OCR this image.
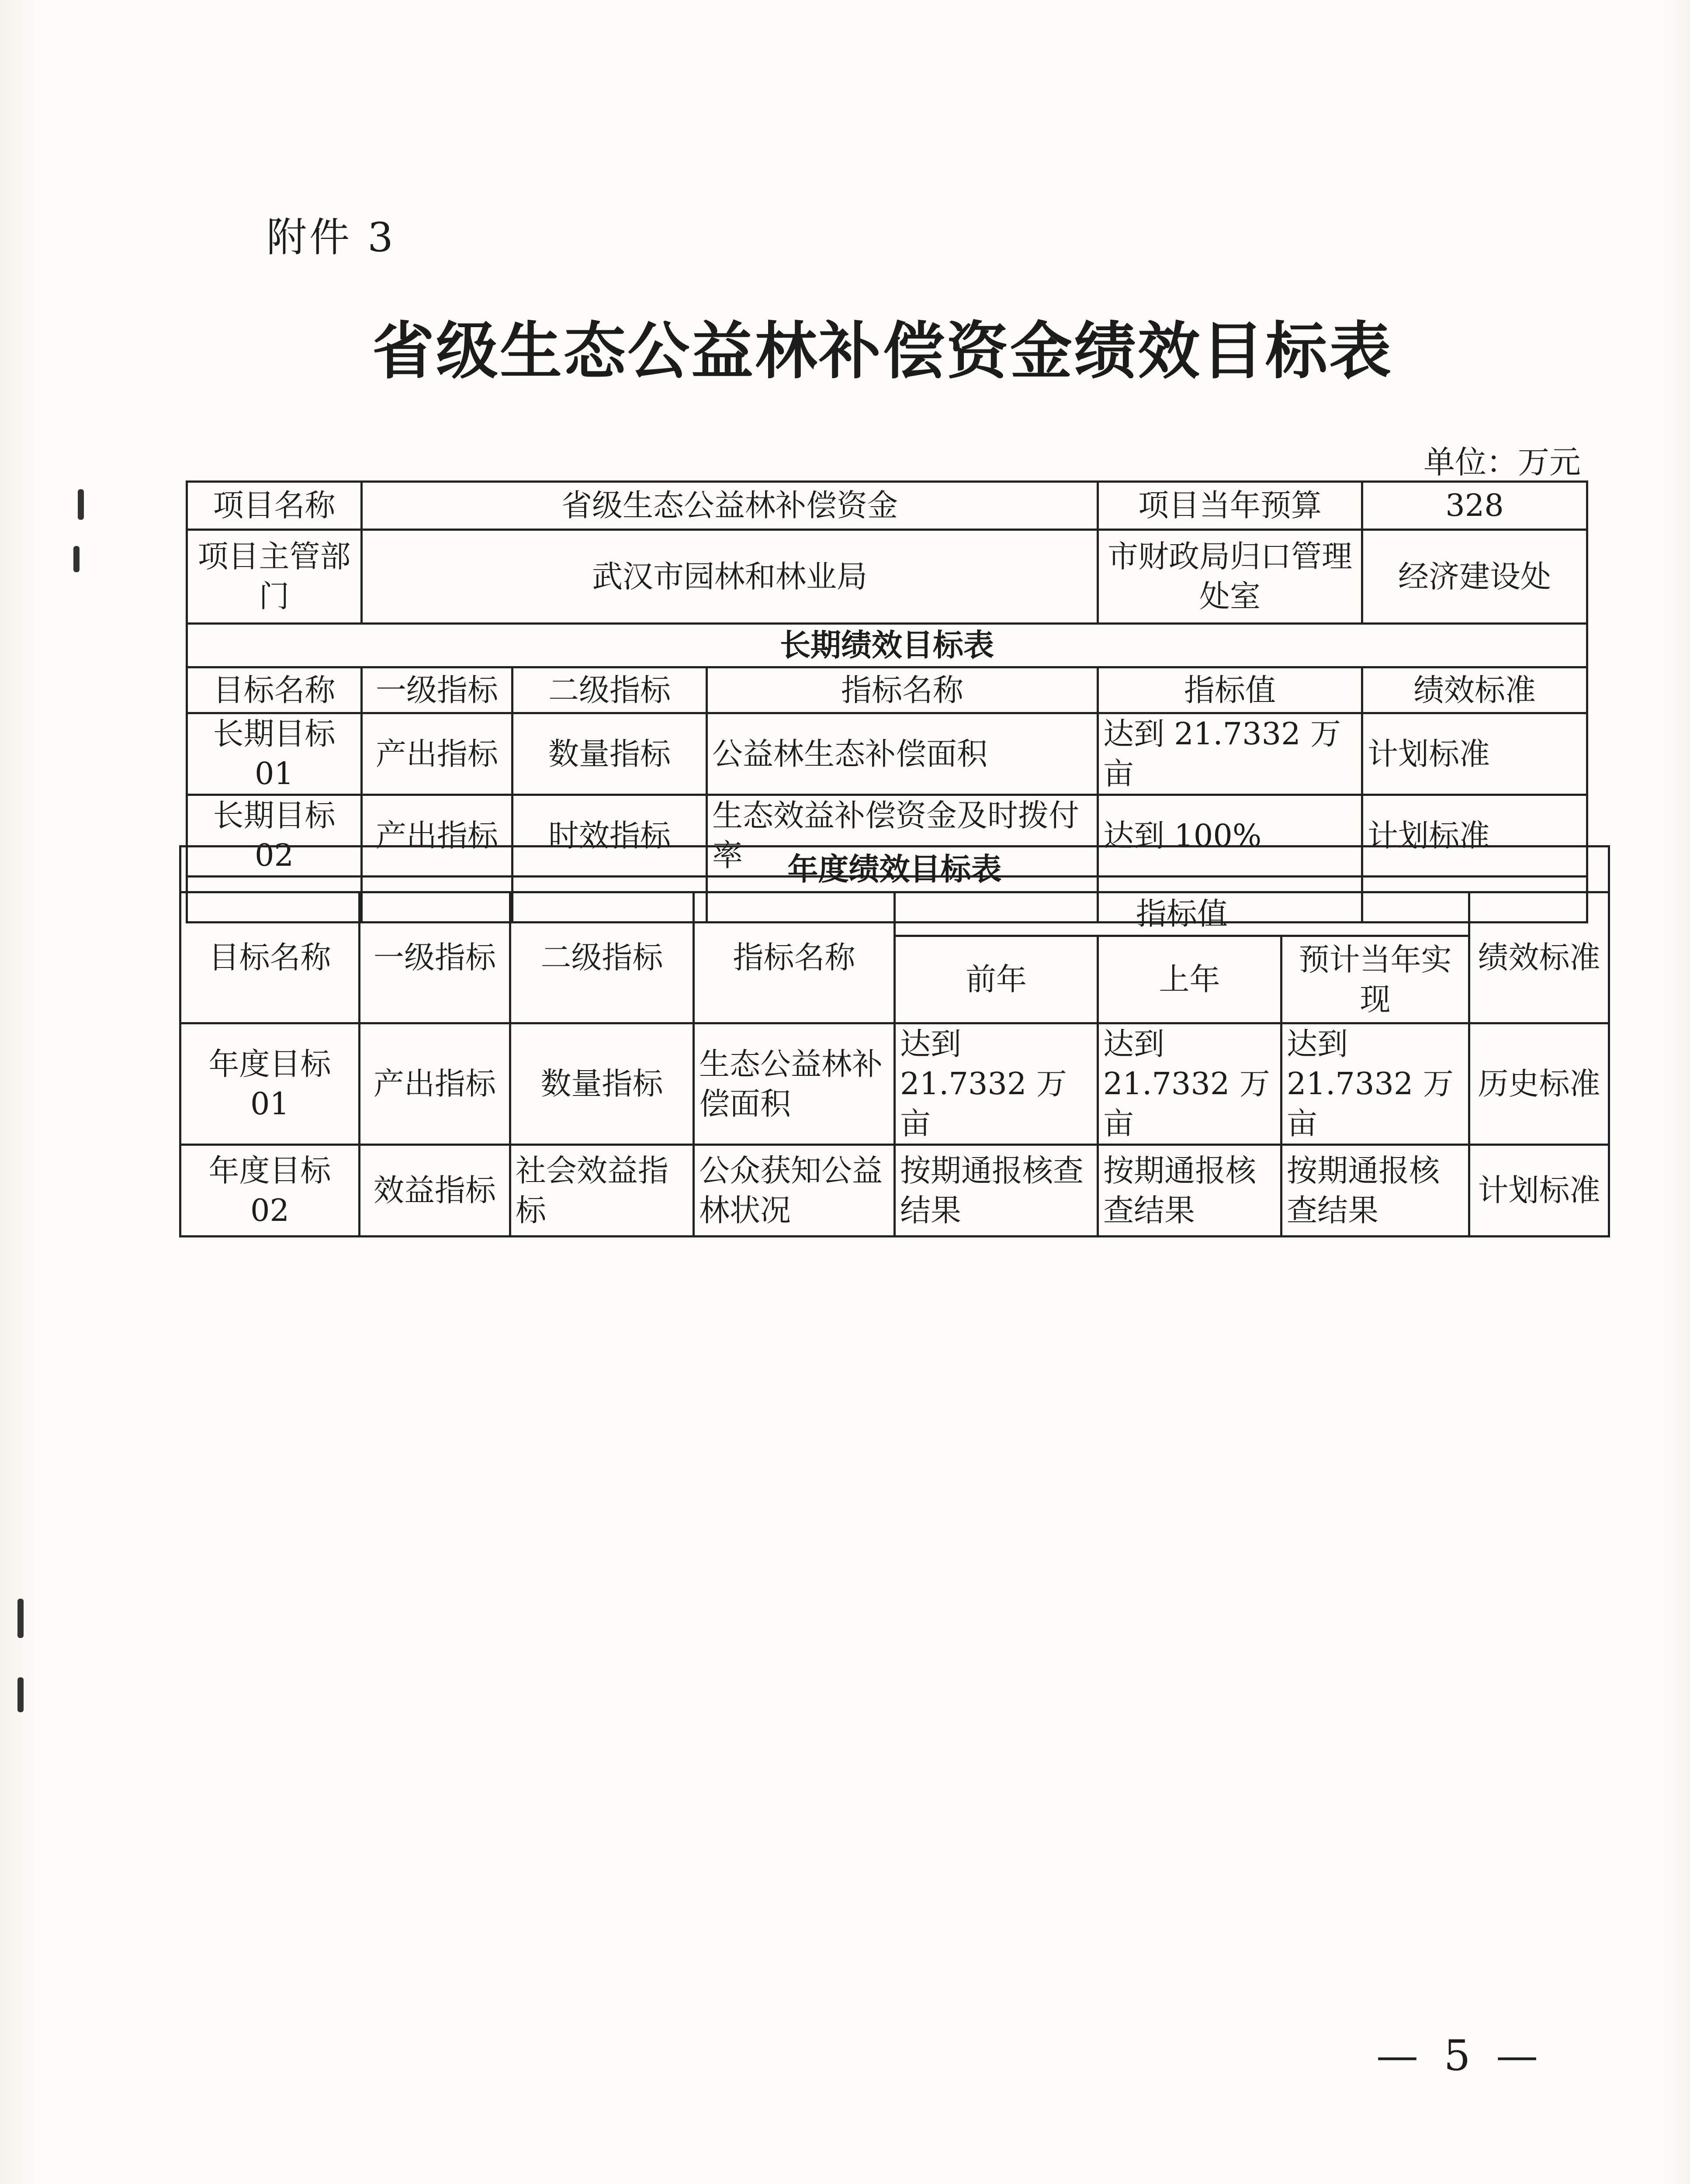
附件 3
省级生态公益林补偿资金绩效目标表
单位：万元
项目名称	省级生态公益林补偿资金			项目当年预算	328
项目主管部门	武汉市园林和林业局			市财政局归口管理处室	经济建设处
长期绩效目标表					
目标名称	一级指标	二级指标	指标名称	指标值	绩效标准
长期目标 01	产出指标	数量指标	公益林生态补偿面积	达到 21.7332 万亩	计划标准
长期目标 02	产出指标	时效指标	生态效益补偿资金及时拨付率	达到 100%	计划标准

年度绩效目标表							
目标名称	一级指标	二级指标	指标名称	指标值			绩效标准
				前年	上年	预计当年实现	
年度目标 01	产出指标	数量指标	生态公益林补偿面积	达到 21.7332 万亩	达到 21.7332 万亩	达到 21.7332 万亩	历史标准
年度目标 02	效益指标	社会效益指标	公众获知公益林状况	按期通报核查结果	按期通报核查结果	按期通报核查结果	计划标准
— 5 —
